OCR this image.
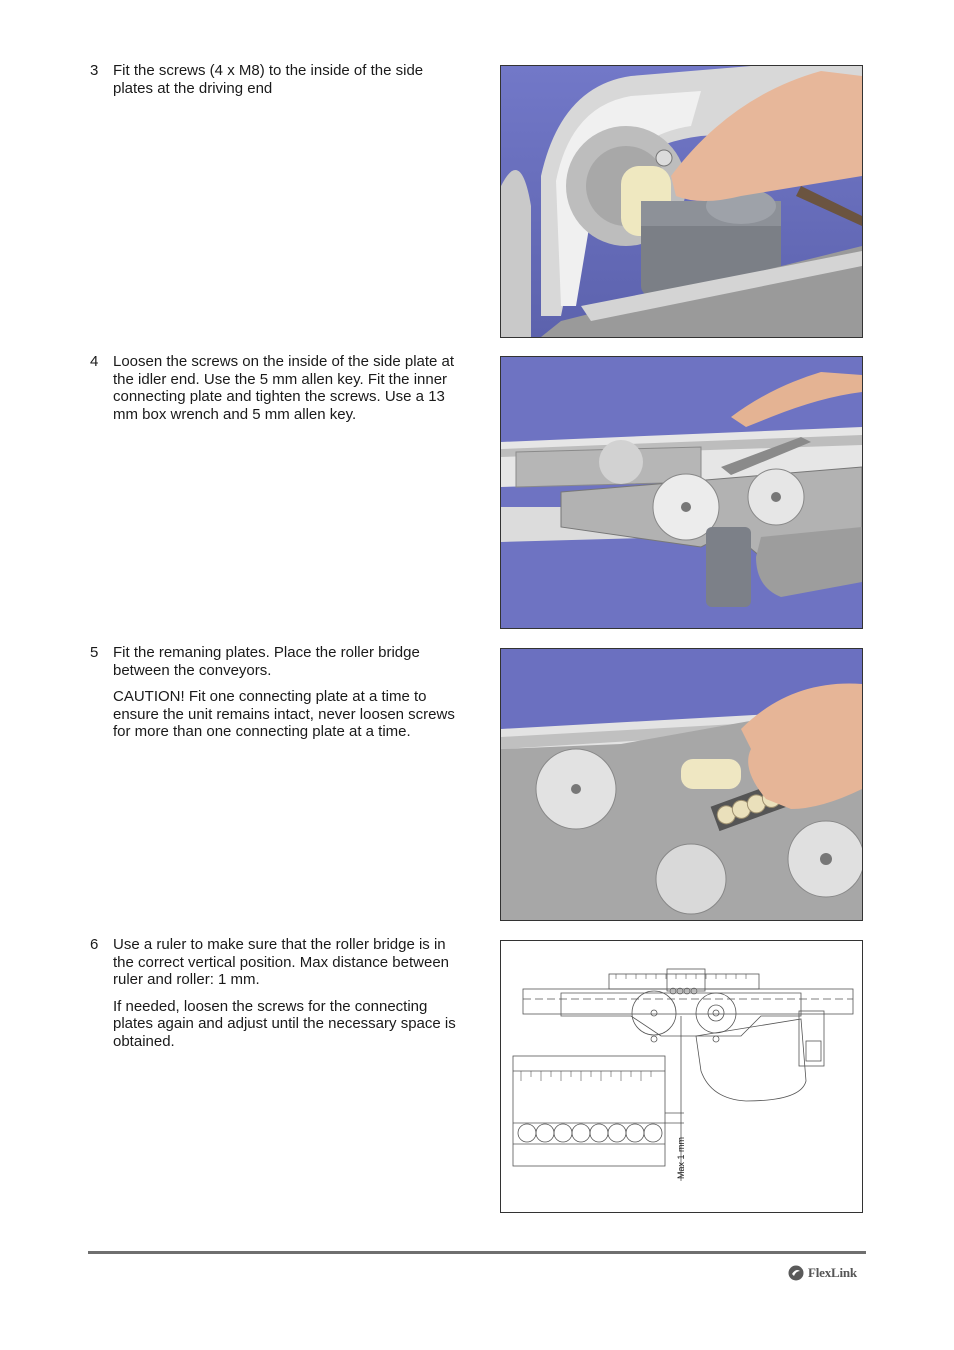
3 Fit the screws (4 x M8) to the inside of the side plates at the driving end

4 Loosen the screws on the inside of the side plate at the idler end. Use the 5 mm allen key. Fit the inner connecting plate and tighten the screws. Use a 13 mm box wrench and 5 mm allen key.

5 Fit the remaning plates. Place the roller bridge between the conveyors.

CAUTION! Fit one connecting plate at a time to ensure the unit remains intact, never loosen screws for more than one connecting plate at a time.

6 Use a ruler to make sure that the roller bridge is in the correct vertical position. Max distance between ruler and roller: 1 mm.

If needed, loosen the screws for the connecting plates again and adjust until the necessary space is obtained.

Max 1 mm
FlexLink
